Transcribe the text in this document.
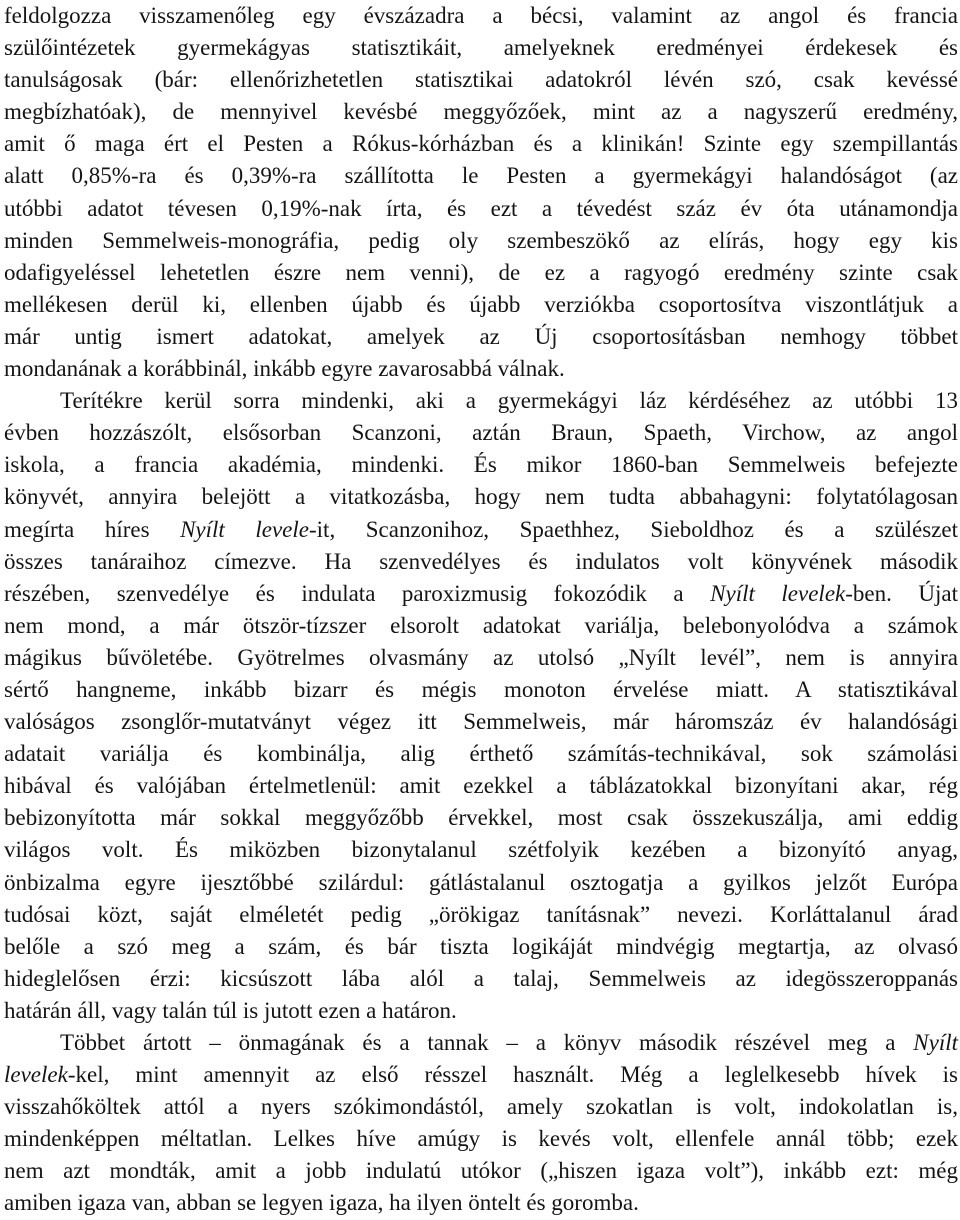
feldolgozza visszamenőleg egy évszázadra a bécsi, valamint az angol és francia
szülőintézetek gyermekágyas statisztikáit, amelyeknek eredményei érdekesek és
tanulságosak (bár: ellenőrizhetetlen statisztikai adatokról lévén szó, csak kevéssé
megbízhatóak), de mennyivel kevésbé meggyőzőek, mint az a nagyszerű eredmény,
amit ő maga ért el Pesten a Rókus-kórházban és a klinikán! Szinte egy szempillantás
alatt 0,85%-ra és 0,39%-ra szállította le Pesten a gyermekágyi halandóságot (az
utóbbi adatot tévesen 0,19%-nak írta, és ezt a tévedést száz év óta utánamondja
minden Semmelweis-monográfia, pedig oly szembeszökő az elírás, hogy egy kis
odafigyeléssel lehetetlen észre nem venni), de ez a ragyogó eredmény szinte csak
mellékesen derül ki, ellenben újabb és újabb verziókba csoportosítva viszontlátjuk a
már untig ismert adatokat, amelyek az Új csoportosításban nemhogy többet
mondanának a korábbinál, inkább egyre zavarosabbá válnak.
Terítékre kerül sorra mindenki, aki a gyermekágyi láz kérdéséhez az utóbbi 13
évben hozzászólt, elsősorban Scanzoni, aztán Braun, Spaeth, Virchow, az angol
iskola, a francia akadémia, mindenki. És mikor 1860-ban Semmelweis befejezte
könyvét, annyira belejött a vitatkozásba, hogy nem tudta abbahagyni: folytatólagosan
megírta híres Nyílt levele-it, Scanzonihoz, Spaethhez, Sieboldhoz és a szülészet
összes tanáraihoz címezve. Ha szenvedélyes és indulatos volt könyvének második
részében, szenvedélye és indulata paroxizmusig fokozódik a Nyílt levelek-ben. Újat
nem mond, a már ötször-tízszer elsorolt adatokat variálja, belebonyolódva a számok
mágikus bűvöletébe. Gyötrelmes olvasmány az utolsó „Nyílt levél”, nem is annyira
sértő hangneme, inkább bizarr és mégis monoton érvelése miatt. A statisztikával
valóságos zsonglőr-mutatványt végez itt Semmelweis, már háromszáz év halandósági
adatait variálja és kombinálja, alig érthető számítás-technikával, sok számolási
hibával és valójában értelmetlenül: amit ezekkel a táblázatokkal bizonyítani akar, rég
bebizonyította már sokkal meggyőzőbb érvekkel, most csak összekuszálja, ami eddig
világos volt. És miközben bizonytalanul szétfolyik kezében a bizonyító anyag,
önbizalma egyre ijesztőbbé szilárdul: gátlástalanul osztogatja a gyilkos jelzőt Európa
tudósai közt, saját elméletét pedig „örökigaz tanításnak” nevezi. Korláttalanul árad
belőle a szó meg a szám, és bár tiszta logikáját mindvégig megtartja, az olvasó
hideglelősen érzi: kicsúszott lába alól a talaj, Semmelweis az idegösszeroppanás
határán áll, vagy talán túl is jutott ezen a határon.
Többet ártott – önmagának és a tannak – a könyv második részével meg a Nyílt
levelek-kel, mint amennyit az első résszel használt. Még a leglelkesebb hívek is
visszahőköltek attól a nyers szókimondástól, amely szokatlan is volt, indokolatlan is,
mindenképpen méltatlan. Lelkes híve amúgy is kevés volt, ellenfele annál több; ezek
nem azt mondták, amit a jobb indulatú utókor („hiszen igaza volt”), inkább ezt: még
amiben igaza van, abban se legyen igaza, ha ilyen öntelt és goromba.
